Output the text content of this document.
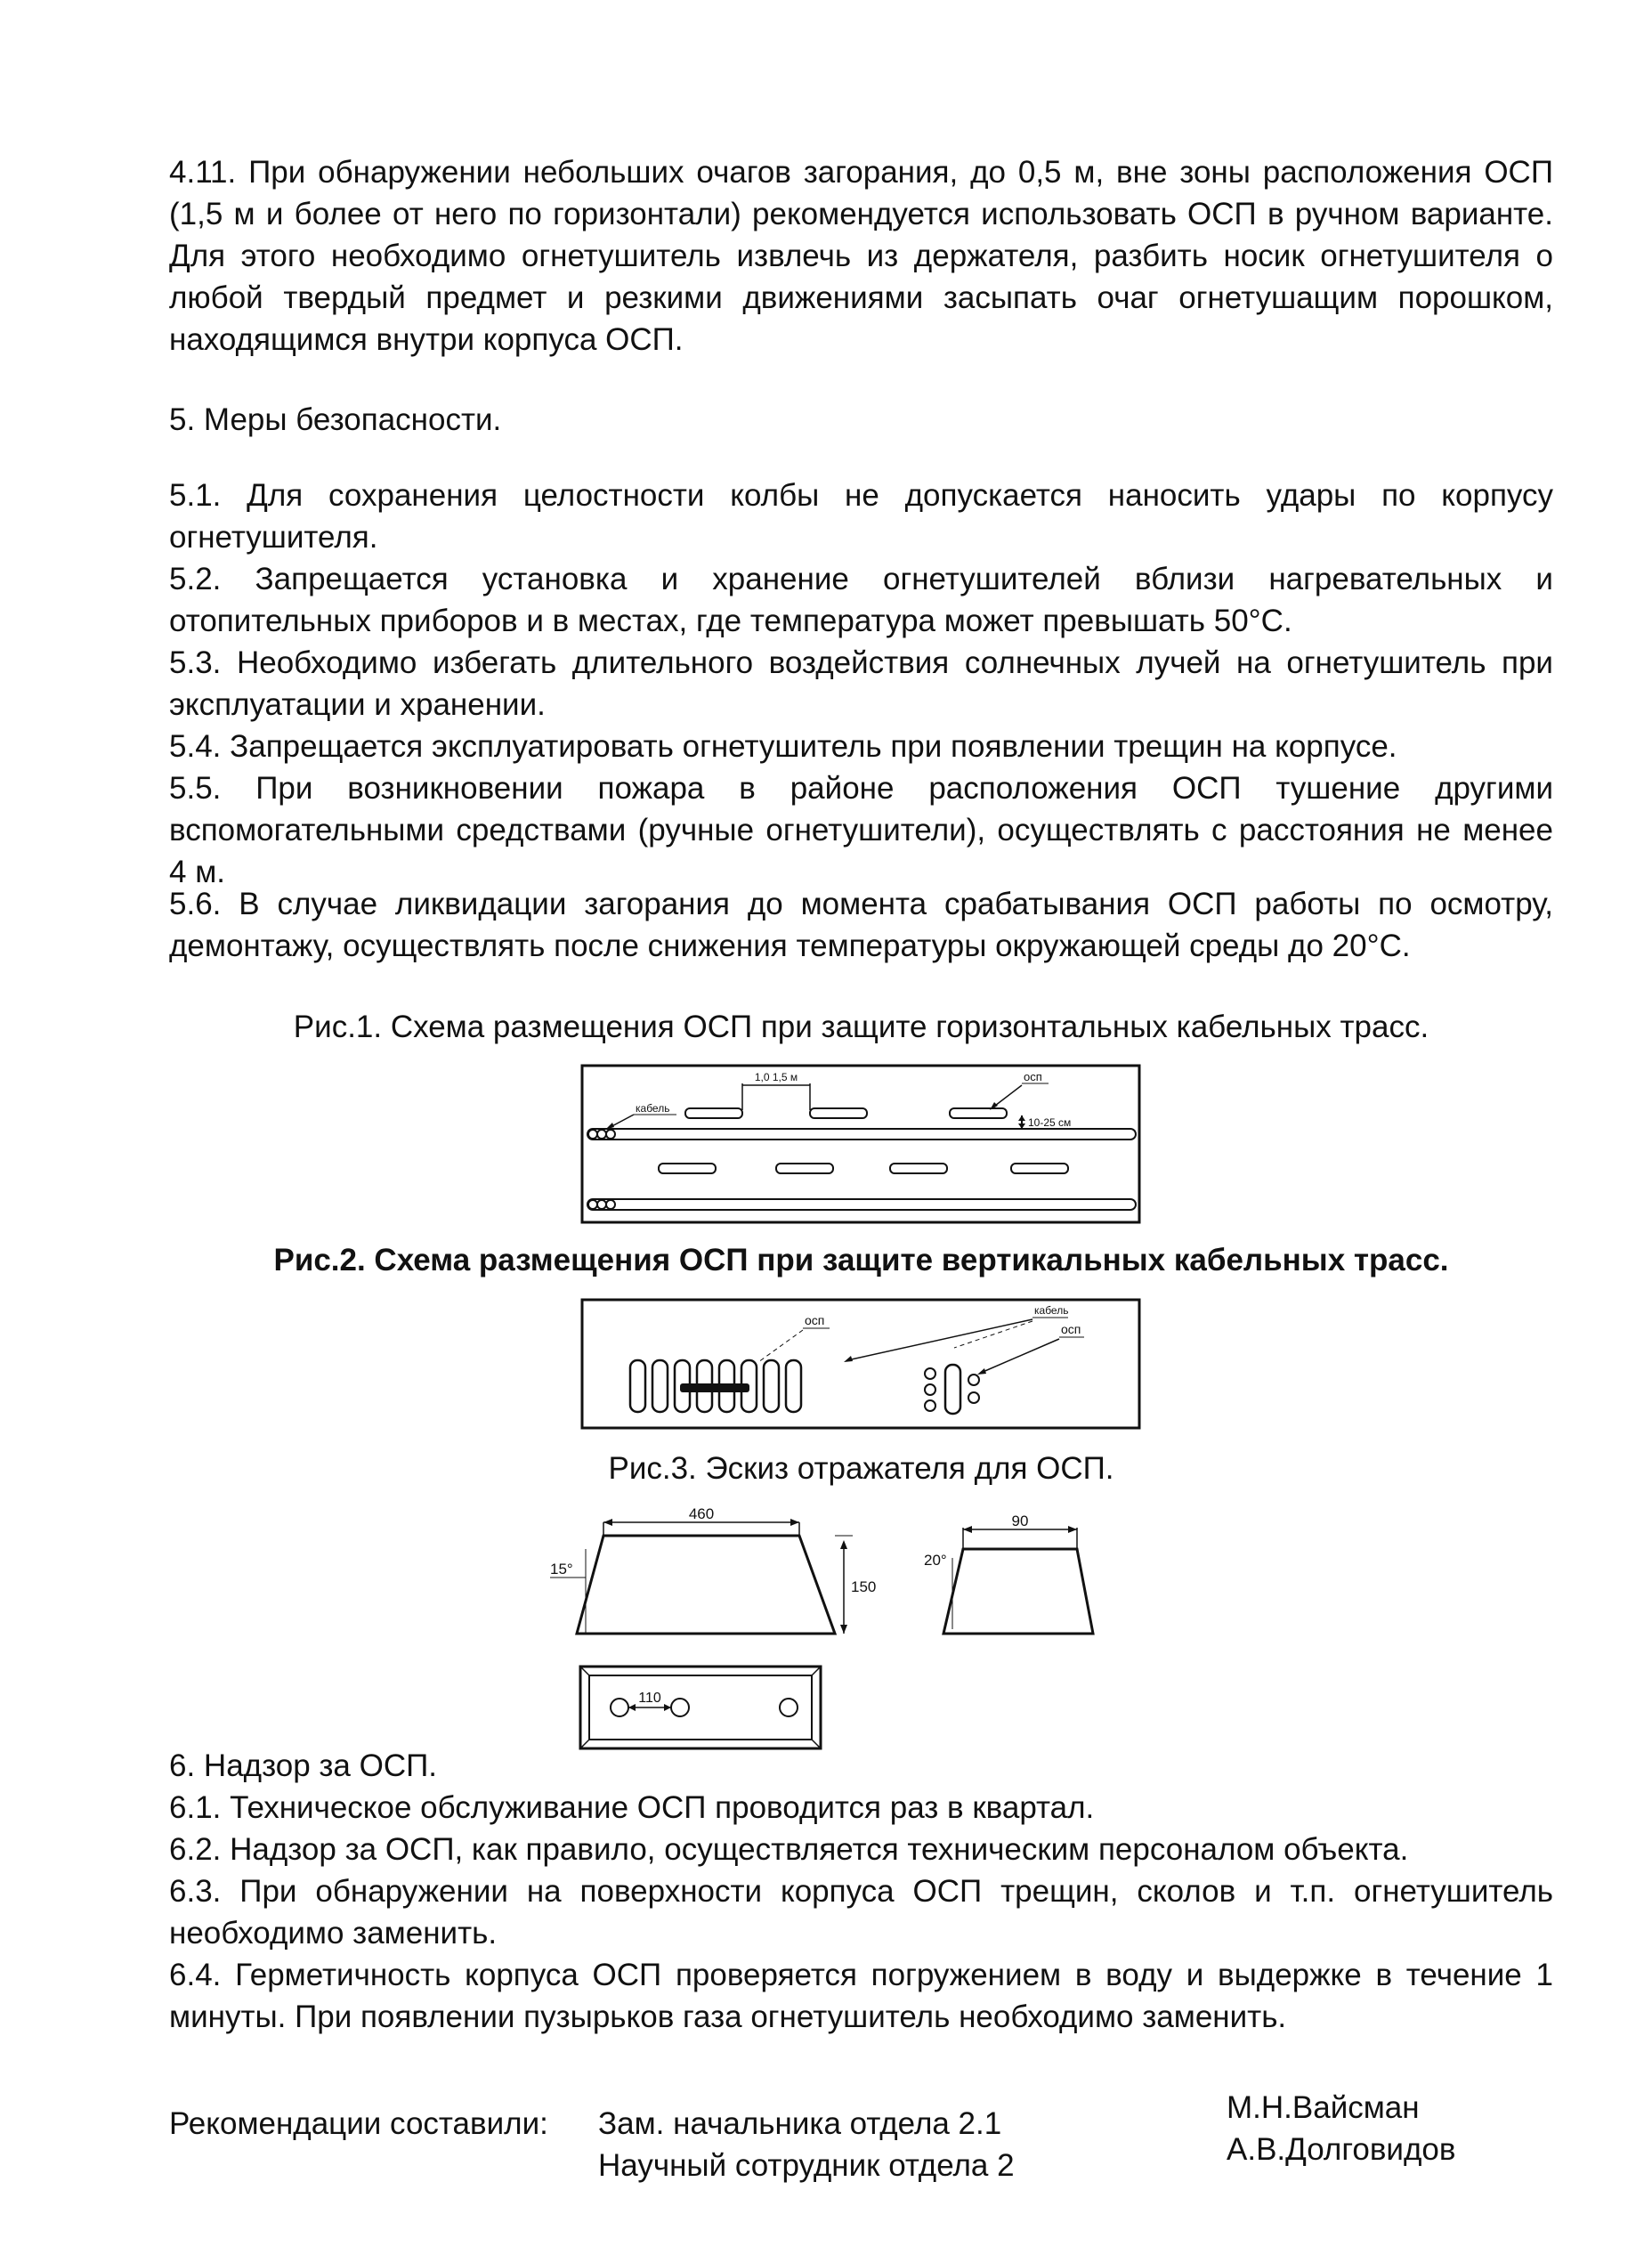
4.11. При обнаружении небольших очагов загорания, до 0,5 м, вне зоны расположения ОСП (1,5 м и более от него по горизонтали) рекомендуется использовать ОСП в ручном варианте. Для этого необходимо огнетушитель извлечь из держателя, разбить носик огнетушителя о любой твердый предмет и резкими движениями засыпать очаг огнетушащим порошком, находящимся внутри корпуса ОСП.

5. Меры безопасности.

5.1. Для сохранения целостности колбы не допускается наносить удары по корпусу огнетушителя.

5.2. Запрещается установка и хранение огнетушителей вблизи нагревательных и отопительных приборов и в местах, где температура может превышать 50°С.

5.3. Необходимо избегать длительного воздействия солнечных лучей на огнетушитель при эксплуатации и хранении.

5.4. Запрещается эксплуатировать огнетушитель при появлении трещин на корпусе.

5.5. При возникновении пожара в районе расположения ОСП тушение другими вспомогательными средствами (ручные огнетушители), осуществлять с расстояния не менее 4 м.

5.6. В случае ликвидации загорания до момента срабатывания ОСП работы по осмотру, демонтажу, осуществлять после снижения температуры окружающей среды до 20°С.

Рис.1. Схема размещения ОСП при защите горизонтальных кабельных трасс.

1,0 1,5 м
кабель
осп
10-25 см

Рис.2. Схема размещения ОСП при защите вертикальных кабельных трасс.

осп
кабель
осп

Рис.3. Эскиз отражателя для ОСП.

460
150
15°
90
20°
110

6. Надзор за ОСП.

6.1. Техническое обслуживание ОСП проводится раз в квартал.

6.2. Надзор за ОСП, как правило, осуществляется техническим персоналом объекта.

6.3. При обнаружении на поверхности корпуса ОСП трещин, сколов и т.п. огнетушитель необходимо заменить.

6.4. Герметичность корпуса ОСП проверяется погружением в воду и выдержке в течение 1 минуты. При появлении пузырьков газа огнетушитель необходимо заменить.

Рекомендации составили: Зам. начальника отдела 2.1

Научный сотрудник отдела 2

М.Н.Вайсман

А.В.Долговидов
